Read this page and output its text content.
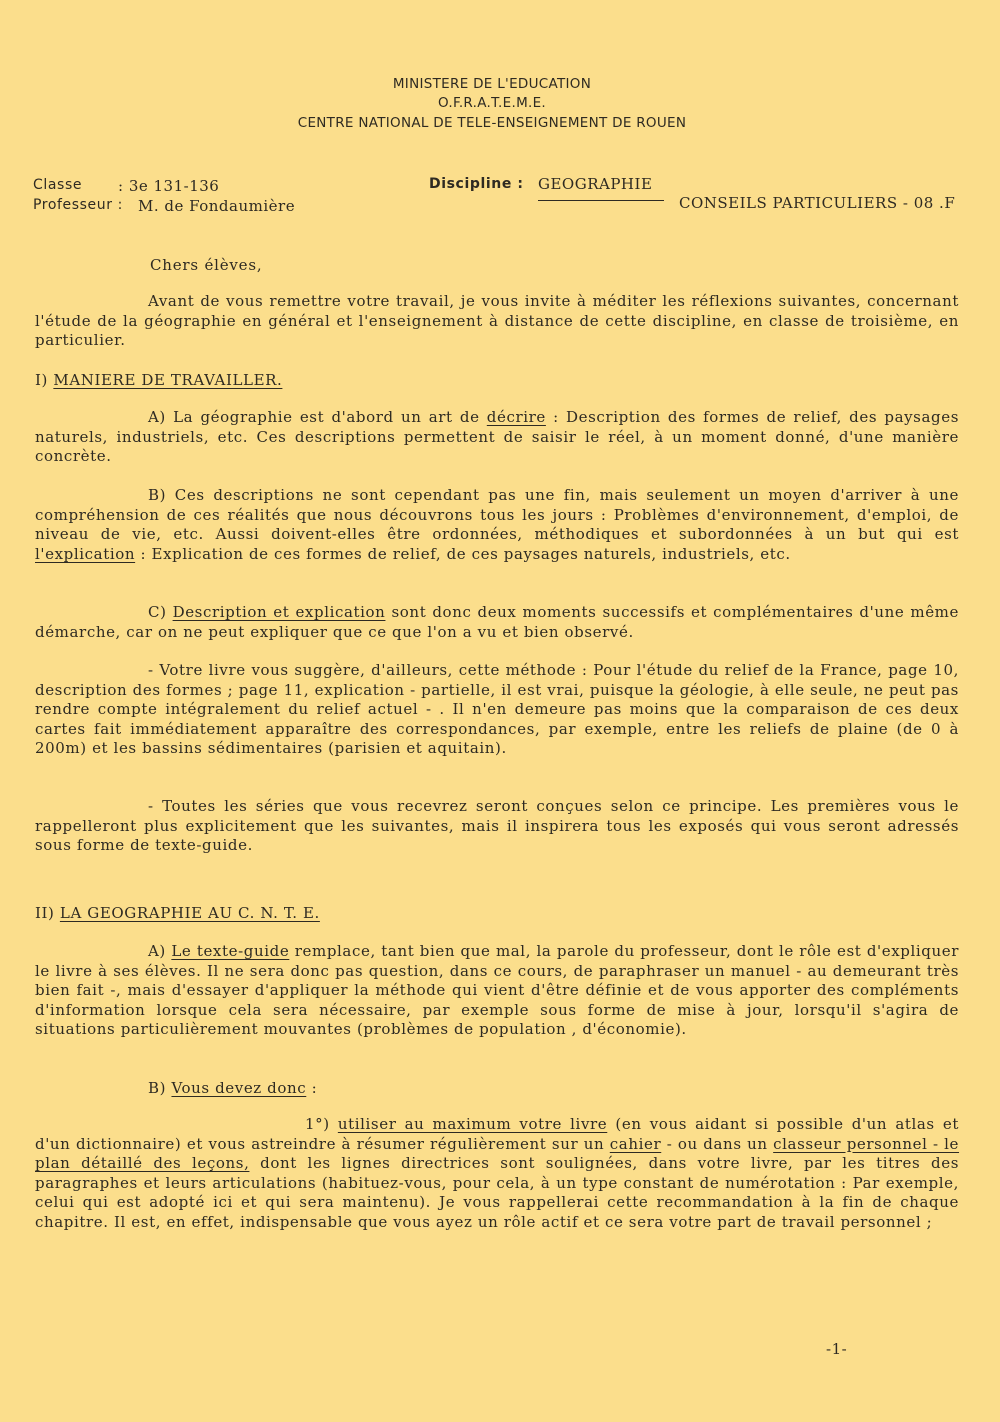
MINISTERE DE L'EDUCATION
O.F.R.A.T.E.M.E.
CENTRE NATIONAL DE TELE-ENSEIGNEMENT DE ROUEN
Classe : 3e 131-136
Professeur : M. de Fondaumière
Discipline : GEOGRAPHIE
CONSEILS PARTICULIERS - 08 .F
Chers élèves,
Avant de vous remettre votre travail, je vous invite à méditer les réflexions suivantes, concernant l'étude de la géographie en général et l'enseignement à distance de cette discipline, en classe de troisième, en particulier.
I) MANIERE DE TRAVAILLER.
A) La géographie est d'abord un art de décrire : Description des formes de relief, des paysages naturels, industriels, etc. Ces descriptions permettent de saisir le réel, à un moment donné, d'une manière concrète.
B) Ces descriptions ne sont cependant pas une fin, mais seulement un moyen d'arriver à une compréhension de ces réalités que nous découvrons tous les jours : Problèmes d'environnement, d'emploi, de niveau de vie, etc. Aussi doivent-elles être ordonnées, méthodiques et subordonnées à un but qui est l'explication : Explication de ces formes de relief, de ces paysages naturels, industriels, etc.
C) Description et explication sont donc deux moments successifs et complémentaires d'une même démarche, car on ne peut expliquer que ce que l'on a vu et bien observé.
- Votre livre vous suggère, d'ailleurs, cette méthode : Pour l'étude du relief de la France, page 10, description des formes ; page 11, explication - partielle, il est vrai, puisque la géologie, à elle seule, ne peut pas rendre compte intégralement du relief actuel - . Il n'en demeure pas moins que la comparaison de ces deux cartes fait immédiatement apparaître des correspondances, par exemple, entre les reliefs de plaine (de 0 à 200m) et les bassins sédimentaires (parisien et aquitain).
- Toutes les séries que vous recevrez seront conçues selon ce principe. Les premières vous le rappelleront plus explicitement que les suivantes, mais il inspirera tous les exposés qui vous seront adressés sous forme de texte-guide.
II) LA GEOGRAPHIE AU C. N. T. E.
A) Le texte-guide remplace, tant bien que mal, la parole du professeur, dont le rôle est d'expliquer le livre à ses élèves. Il ne sera donc pas question, dans ce cours, de paraphraser un manuel - au demeurant très bien fait -, mais d'essayer d'appliquer la méthode qui vient d'être définie et de vous apporter des compléments d'information lorsque cela sera nécessaire, par exemple sous forme de mise à jour, lorsqu'il s'agira de situations particulièrement mouvantes (problèmes de population , d'économie).
B) Vous devez donc :
1°) utiliser au maximum votre livre (en vous aidant si possible d'un atlas et d'un dictionnaire) et vous astreindre à résumer régulièrement sur un cahier - ou dans un classeur personnel - le plan détaillé des leçons, dont les lignes directrices sont soulignées, dans votre livre, par les titres des paragraphes et leurs articulations (habituez-vous, pour cela, à un type constant de numérotation : Par exemple, celui qui est adopté ici et qui sera maintenu). Je vous rappellerai cette recommandation à la fin de chaque chapitre. Il est, en effet, indispensable que vous ayez un rôle actif et ce sera votre part de travail personnel ;
-1-
